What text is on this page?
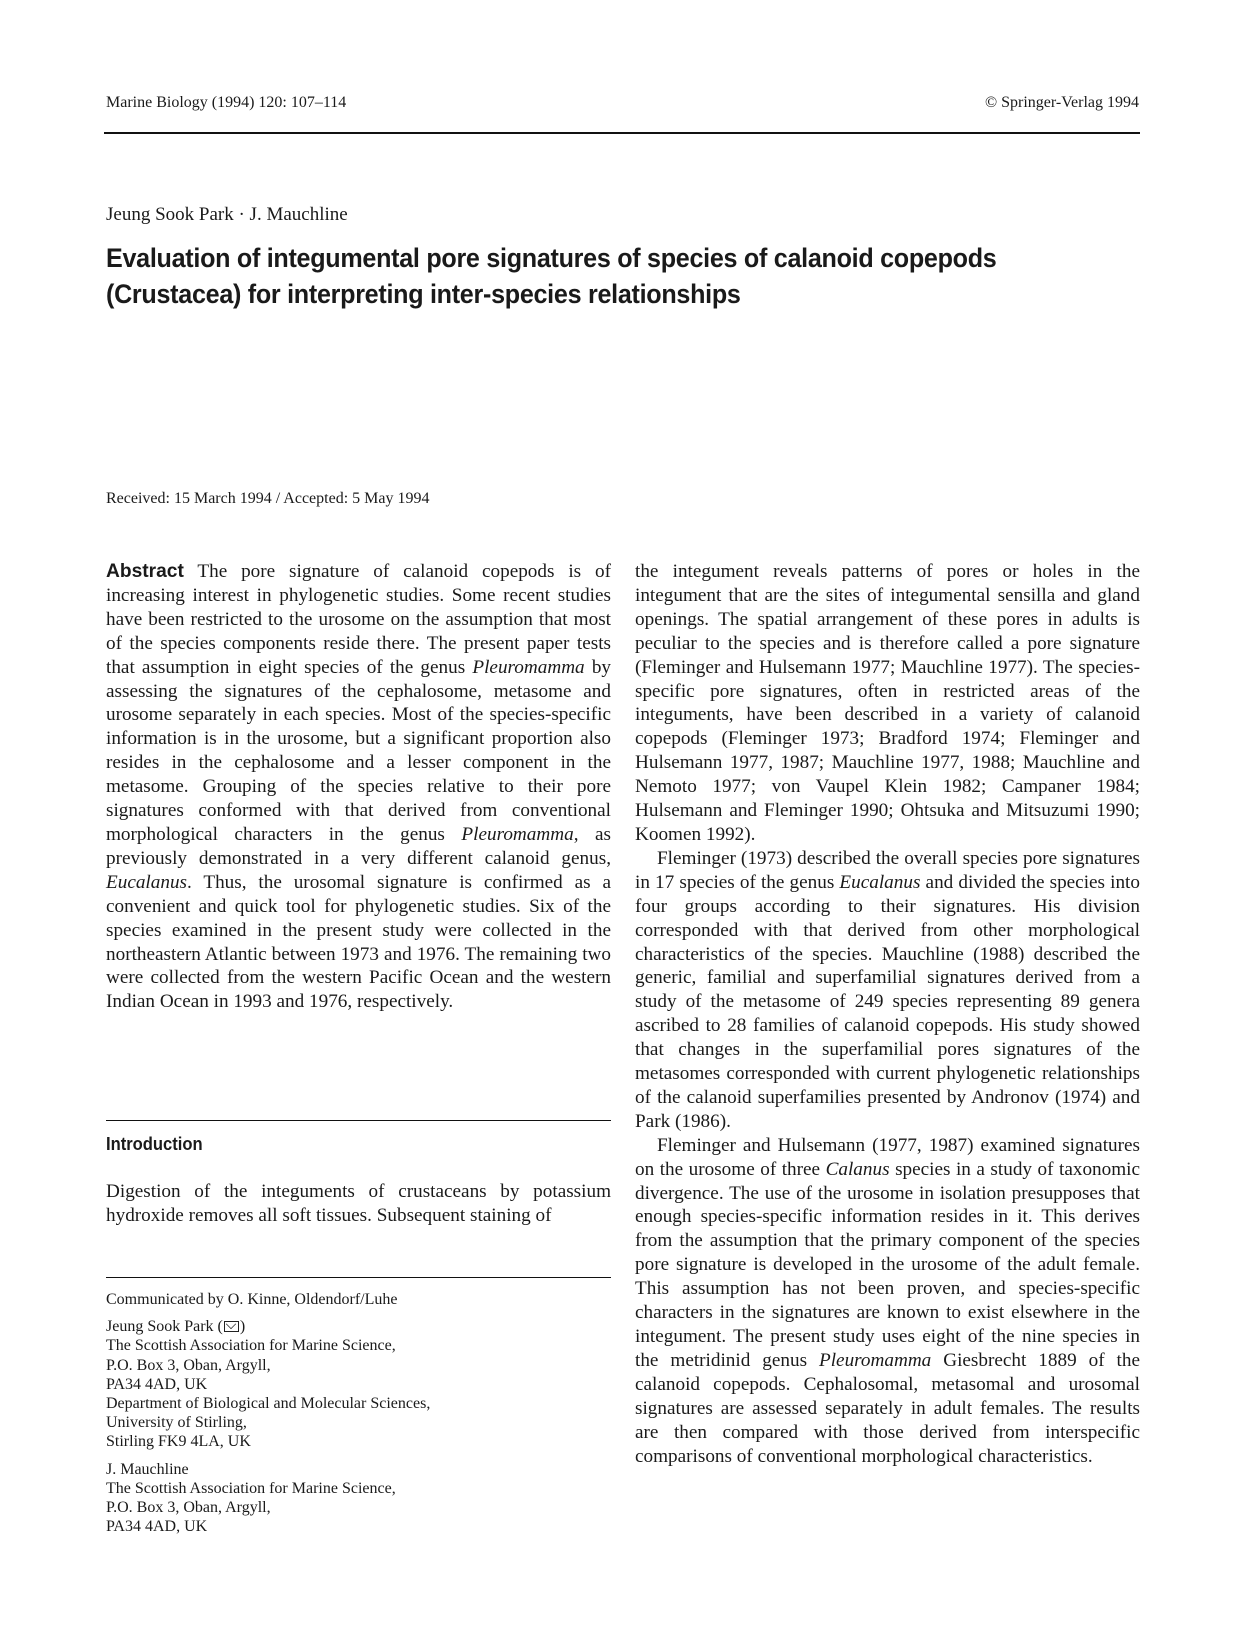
Marine Biology (1994) 120: 107–114	© Springer-Verlag 1994
Jeung Sook Park · J. Mauchline
Evaluation of integumental pore signatures of species of calanoid copepods (Crustacea) for interpreting inter-species relationships
Received: 15 March 1994 / Accepted: 5 May 1994

Abstract The pore signature of calanoid copepods is of increasing interest in phylogenetic studies. Some recent studies have been restricted to the urosome on the assumption that most of the species components reside there. The present paper tests that assumption in eight species of the genus Pleuromamma by assessing the signatures of the cephalosome, metasome and urosome separately in each species. Most of the species-specific information is in the urosome, but a significant proportion also resides in the cephalosome and a lesser component in the metasome. Grouping of the species relative to their pore signatures conformed with that derived from conventional morphological characters in the genus Pleuromamma, as previously demonstrated in a very different calanoid genus, Eucalanus. Thus, the urosomal signature is confirmed as a convenient and quick tool for phylogenetic studies. Six of the species examined in the present study were collected in the northeastern Atlantic between 1973 and 1976. The remaining two were collected from the western Pacific Ocean and the western Indian Ocean in 1993 and 1976, respectively.

Introduction

Digestion of the integuments of crustaceans by potassium hydroxide removes all soft tissues. Subsequent staining of

Communicated by O. Kinne, Oldendorf/Luhe
Jeung Sook Park ( )
The Scottish Association for Marine Science,
P.O. Box 3, Oban, Argyll,
PA34 4AD, UK
Department of Biological and Molecular Sciences,
University of Stirling,
Stirling FK9 4LA, UK
J. Mauchline
The Scottish Association for Marine Science,
P.O. Box 3, Oban, Argyll,
PA34 4AD, UK

the integument reveals patterns of pores or holes in the integument that are the sites of integumental sensilla and gland openings. The spatial arrangement of these pores in adults is peculiar to the species and is therefore called a pore signature (Fleminger and Hulsemann 1977; Mauchline 1977). The species-specific pore signatures, often in restricted areas of the integuments, have been described in a variety of calanoid copepods (Fleminger 1973; Bradford 1974; Fleminger and Hulsemann 1977, 1987; Mauchline 1977, 1988; Mauchline and Nemoto 1977; von Vaupel Klein 1982; Campaner 1984; Hulsemann and Fleminger 1990; Ohtsuka and Mitsuzumi 1990; Koomen 1992).

Fleminger (1973) described the overall species pore signatures in 17 species of the genus Eucalanus and divided the species into four groups according to their signatures. His division corresponded with that derived from other morphological characteristics of the species. Mauchline (1988) described the generic, familial and superfamilial signatures derived from a study of the metasome of 249 species representing 89 genera ascribed to 28 families of calanoid copepods. His study showed that changes in the superfamilial pores signatures of the metasomes corresponded with current phylogenetic relationships of the calanoid superfamilies presented by Andronov (1974) and Park (1986).

Fleminger and Hulsemann (1977, 1987) examined signatures on the urosome of three Calanus species in a study of taxonomic divergence. The use of the urosome in isolation presupposes that enough species-specific information resides in it. This derives from the assumption that the primary component of the species pore signature is developed in the urosome of the adult female. This assumption has not been proven, and species-specific characters in the signatures are known to exist elsewhere in the integument. The present study uses eight of the nine species in the metridinid genus Pleuromamma Giesbrecht 1889 of the calanoid copepods. Cephalosomal, metasomal and urosomal signatures are assessed separately in adult females. The results are then compared with those derived from interspecific comparisons of conventional morphological characteristics.
